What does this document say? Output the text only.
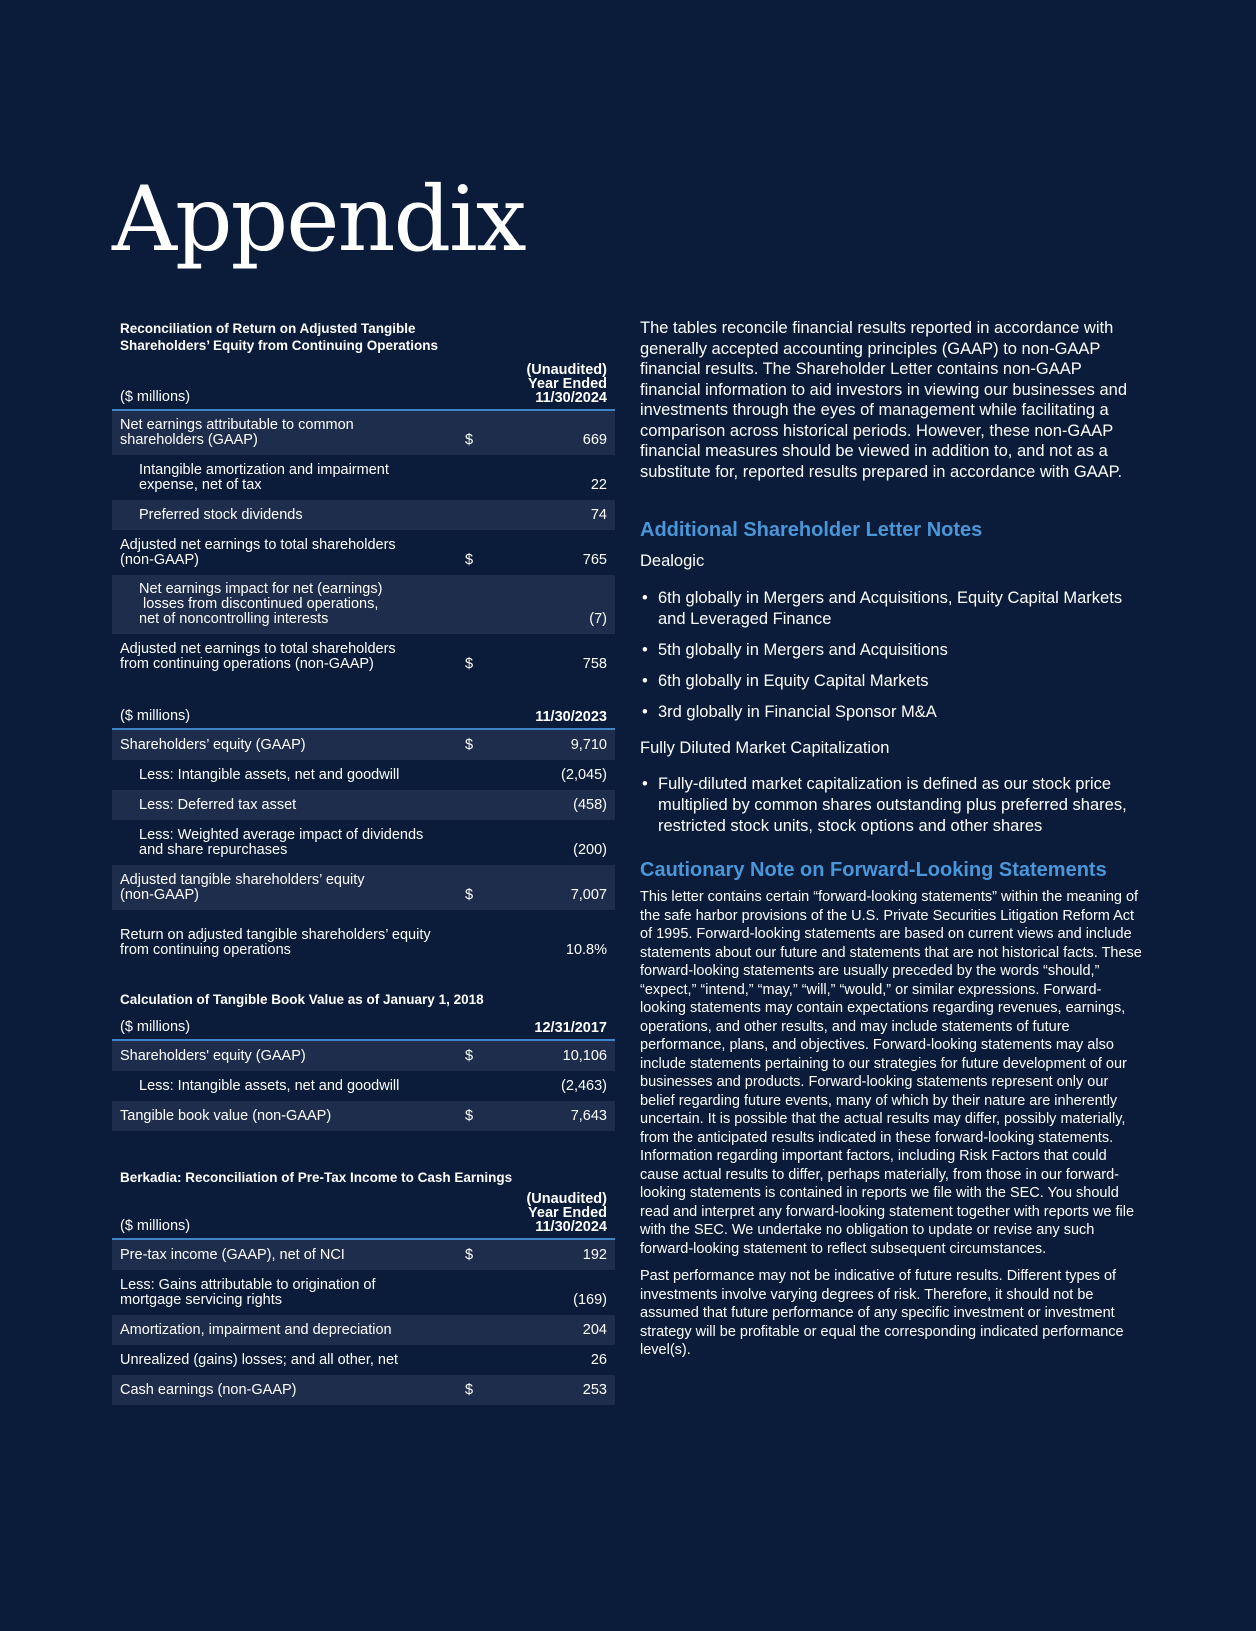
Appendix

Reconciliation of Return on Adjusted Tangible
Shareholders’ Equity from Continuing Operations

($ millions)		(Unaudited)
Year Ended
11/30/2024
Net earnings attributable to common
shareholders (GAAP)	$	669
Intangible amortization and impairment
expense, net of tax		22
Preferred stock dividends		74
Adjusted net earnings to total shareholders
(non-GAAP)	$	765
Net earnings impact for net (earnings)
losses from discontinued operations,
net of noncontrolling interests		(7)
Adjusted net earnings to total shareholders
from continuing operations (non-GAAP)	$	758

($ millions)		11/30/2023
Shareholders’ equity (GAAP)	$	9,710
Less: Intangible assets, net and goodwill		(2,045)
Less: Deferred tax asset		(458)
Less: Weighted average impact of dividends
and share repurchases		(200)
Adjusted tangible shareholders’ equity
(non-GAAP)	$	7,007

Return on adjusted tangible shareholders’ equity
from continuing operations		10.8%

Calculation of Tangible Book Value as of January 1, 2018

($ millions)		12/31/2017
Shareholders' equity (GAAP)	$	10,106
Less: Intangible assets, net and goodwill		(2,463)
Tangible book value (non-GAAP)	$	7,643

Berkadia: Reconciliation of Pre-Tax Income to Cash Earnings

($ millions)		(Unaudited)
Year Ended
11/30/2024
Pre-tax income (GAAP), net of NCI	$	192
Less: Gains attributable to origination of
mortgage servicing rights		(169)
Amortization, impairment and depreciation		204
Unrealized (gains) losses; and all other, net		26
Cash earnings (non-GAAP)	$	253

The tables reconcile financial results reported in accordance with generally accepted accounting principles (GAAP) to non-GAAP financial results. The Shareholder Letter contains non-GAAP financial information to aid investors in viewing our businesses and investments through the eyes of management while facilitating a comparison across historical periods. However, these non-GAAP financial measures should be viewed in addition to, and not as a substitute for, reported results prepared in accordance with GAAP.

Additional Shareholder Letter Notes

Dealogic

• 6th globally in Mergers and Acquisitions, Equity Capital Markets and Leveraged Finance
• 5th globally in Mergers and Acquisitions
• 6th globally in Equity Capital Markets
• 3rd globally in Financial Sponsor M&A

Fully Diluted Market Capitalization

• Fully-diluted market capitalization is defined as our stock price multiplied by common shares outstanding plus preferred shares, restricted stock units, stock options and other shares
Cautionary Note on Forward-Looking Statements

This letter contains certain “forward-looking statements” within the meaning of the safe harbor provisions of the U.S. Private Securities Litigation Reform Act of 1995. Forward-looking statements are based on current views and include statements about our future and statements that are not historical facts. These forward-looking statements are usually preceded by the words “should,” “expect,” “intend,” “may,” “will,” “would,” or similar expressions. Forward-looking statements may contain expectations regarding revenues, earnings, operations, and other results, and may include statements of future performance, plans, and objectives. Forward-looking statements may also include statements pertaining to our strategies for future development of our businesses and products. Forward-looking statements represent only our belief regarding future events, many of which by their nature are inherently uncertain. It is possible that the actual results may differ, possibly materially, from the anticipated results indicated in these forward-looking statements. Information regarding important factors, including Risk Factors that could cause actual results to differ, perhaps materially, from those in our forward-looking statements is contained in reports we file with the SEC. You should read and interpret any forward-looking statement together with reports we file with the SEC. We undertake no obligation to update or revise any such forward-looking statement to reflect subsequent circumstances.

Past performance may not be indicative of future results. Different types of investments involve varying degrees of risk. Therefore, it should not be assumed that future performance of any specific investment or investment strategy will be profitable or equal the corresponding indicated performance level(s).
